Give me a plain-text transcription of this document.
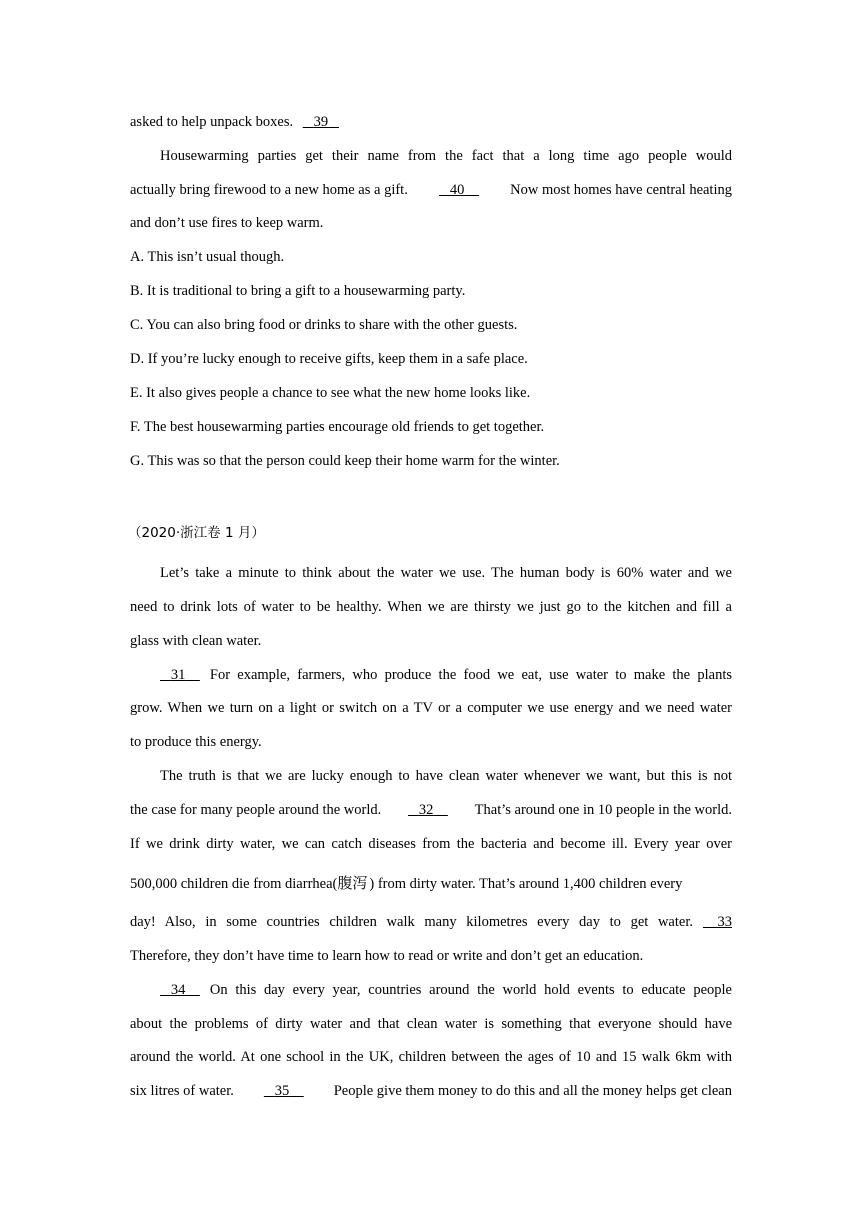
asked to help unpack boxes. 39
Housewarming parties get their name from the fact that a long time ago people would
actually bring firewood to a new home as a gift.	40	Now most homes have central heating
and don’t use fires to keep warm.
A. This isn’t usual though.
B. It is traditional to bring a gift to a housewarming party.
C. You can also bring food or drinks to share with the other guests.
D. If you’re lucky enough to receive gifts, keep them in a safe place.
E. It also gives people a chance to see what the new home looks like.
F. The best housewarming parties encourage old friends to get together.
G. This was so that the person could keep their home warm for the winter.
（2020·浙江卷 1 月）
Let’s take a minute to think about the water we use. The human body is 60% water and we
need to drink lots of water to be healthy. When we are thirsty we just go to the kitchen and fill a
glass with clean water.
31	For example, farmers, who produce the food we eat, use water to make the plants
grow. When we turn on a light or switch on a TV or a computer we use energy and we need water
to produce this energy.
The truth is that we are lucky enough to have clean water whenever we want, but this is not
the case for many people around the world.	32	That’s around one in 10 people in the world.
If we drink dirty water, we can catch diseases from the bacteria and become ill. Every year over
500,000 children die from diarrhea(腹泻 ) from dirty water. That’s around 1,400 children every
day! Also, in some countries children walk many kilometres every day to get water.	33
Therefore, they don’t have time to learn how to read or write and don’t get an education.
34	On this day every year, countries around the world hold events to educate people
about the problems of dirty water and that clean water is something that everyone should have
around the world. At one school in the UK, children between the ages of 10 and 15 walk 6km with
six litres of water.	35	People give them money to do this and all the money helps get clean
